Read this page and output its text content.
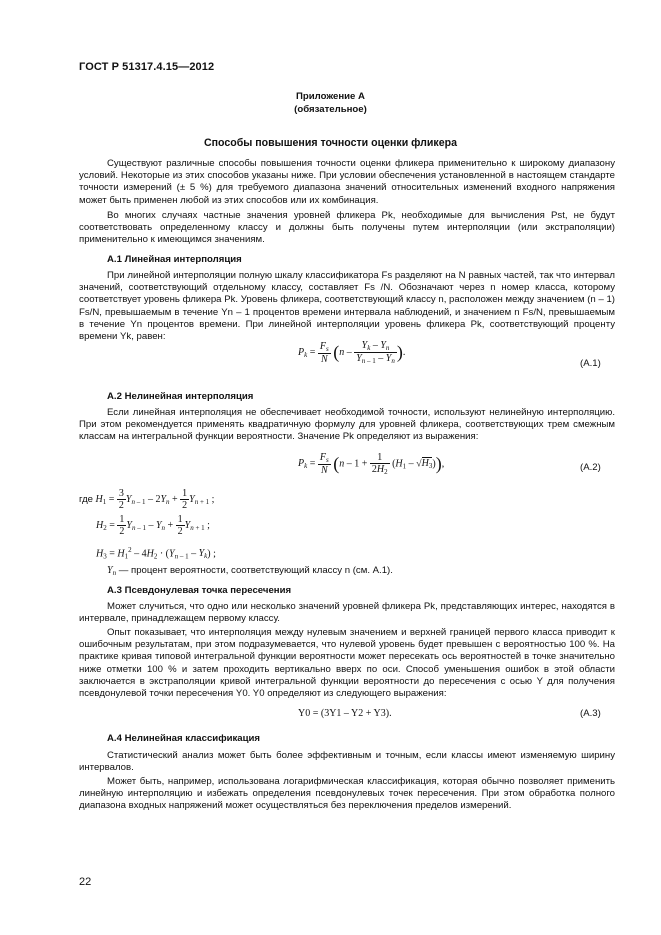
ГОСТ Р 51317.4.15—2012
Приложение А
(обязательное)
Способы повышения точности оценки фликера

Существуют различные способы повышения точности оценки фликера применительно к широкому диапазону условий. Некоторые из этих способов указаны ниже. При условии обеспечения установленной в настоящем стандарте точности измерений (± 5 %) для требуемого диапазона значений относительных изменений входного напряжения может быть применен любой из этих способов или их комбинация.

Во многих случаях частные значения уровней фликера Pk, необходимые для вычисления Pst, не будут соответствовать определенному классу и должны быть получены путем интерполяции (или экстраполяции) применительно к имеющимся значениям.

А.1 Линейная интерполяция

При линейной интерполяции полную шкалу классификатора Fs разделяют на N равных частей, так что интервал значений, соответствующий отдельному классу, составляет Fs /N. Обозначают через n номер класса, которому соответствует уровень фликера Pk. Уровень фликера, соответствующий классу n, расположен между значением (n – 1) Fs/N, превышаемым в течение Yn – 1 процентов времени интервала наблюдений, и значением n Fs/N, превышаемым в течение Yn процентов времени. При линейной интерполяции уровень фликера Pk, соответствующий проценту времени Yk, равен:

$P_k = \frac{F_s}{N} (n - \frac{Y_k - Y_n}{Y_{n - 1} - Y_n}$ ).
(А.1)
А.2 Нелинейная интерполяция

Если линейная интерполяция не обеспечивает необходимой точности, используют нелинейную интерполяцию. При этом рекомендуется применять квадратичную формулу для уровней фликера, соответствующих трем смежным классам на интегральной функции вероятности. Значение Pk определяют из выражения:

$P_k = \frac{F_s}{N} (n - 1 + \frac{1}{2H_2} (H_1 - √H_3))$,	(А.2)
где $H_1 = \frac{3}{2} Y_{n - 1} - 2Y_n + \frac{1}{2} Y_{n + 1}$ ;
$H_2 = \frac{1}{2} Y_{n - 1} - Y_n + \frac{1}{2} Y_{n + 1}$ ;
$H_3 = H_1^2 - 4H_2 \cdot (Y_{n - 1} - Y_k)$ ;
$Y_n$ — процент вероятности, соответствующий классу n (см. А.1).
А.3 Псевдонулевая точка пересечения

Может случиться, что одно или несколько значений уровней фликера Pk, представляющих интерес, находятся в интервале, принадлежащем первому классу.

Опыт показывает, что интерполяция между нулевым значением и верхней границей первого класса приводит к ошибочным результатам, при этом подразумевается, что нулевой уровень будет превышен с вероятностью 100 %. На практике кривая типовой интегральной функции вероятности может пересекать ось вероятностей в точке значительно ниже отметки 100 % и затем проходить вертикально вверх по оси. Способ уменьшения ошибок в этой области заключается в экстраполяции кривой интегральной функции вероятности до пересечения с осью Y для получения псевдонулевой точки пересечения Y0. Y0 определяют из следующего выражения:

Y0 = (3Y1 – Y2 + Y3).	(А.3)
А.4 Нелинейная классификация

Статистический анализ может быть более эффективным и точным, если классы имеют изменяемую ширину интервалов.

Может быть, например, использована логарифмическая классификация, которая обычно позволяет применить линейную интерполяцию и избежать определения псевдонулевых точек пересечения. При этом обработка полного диапазона входных напряжений может осуществляться без переключения пределов измерений.

22
